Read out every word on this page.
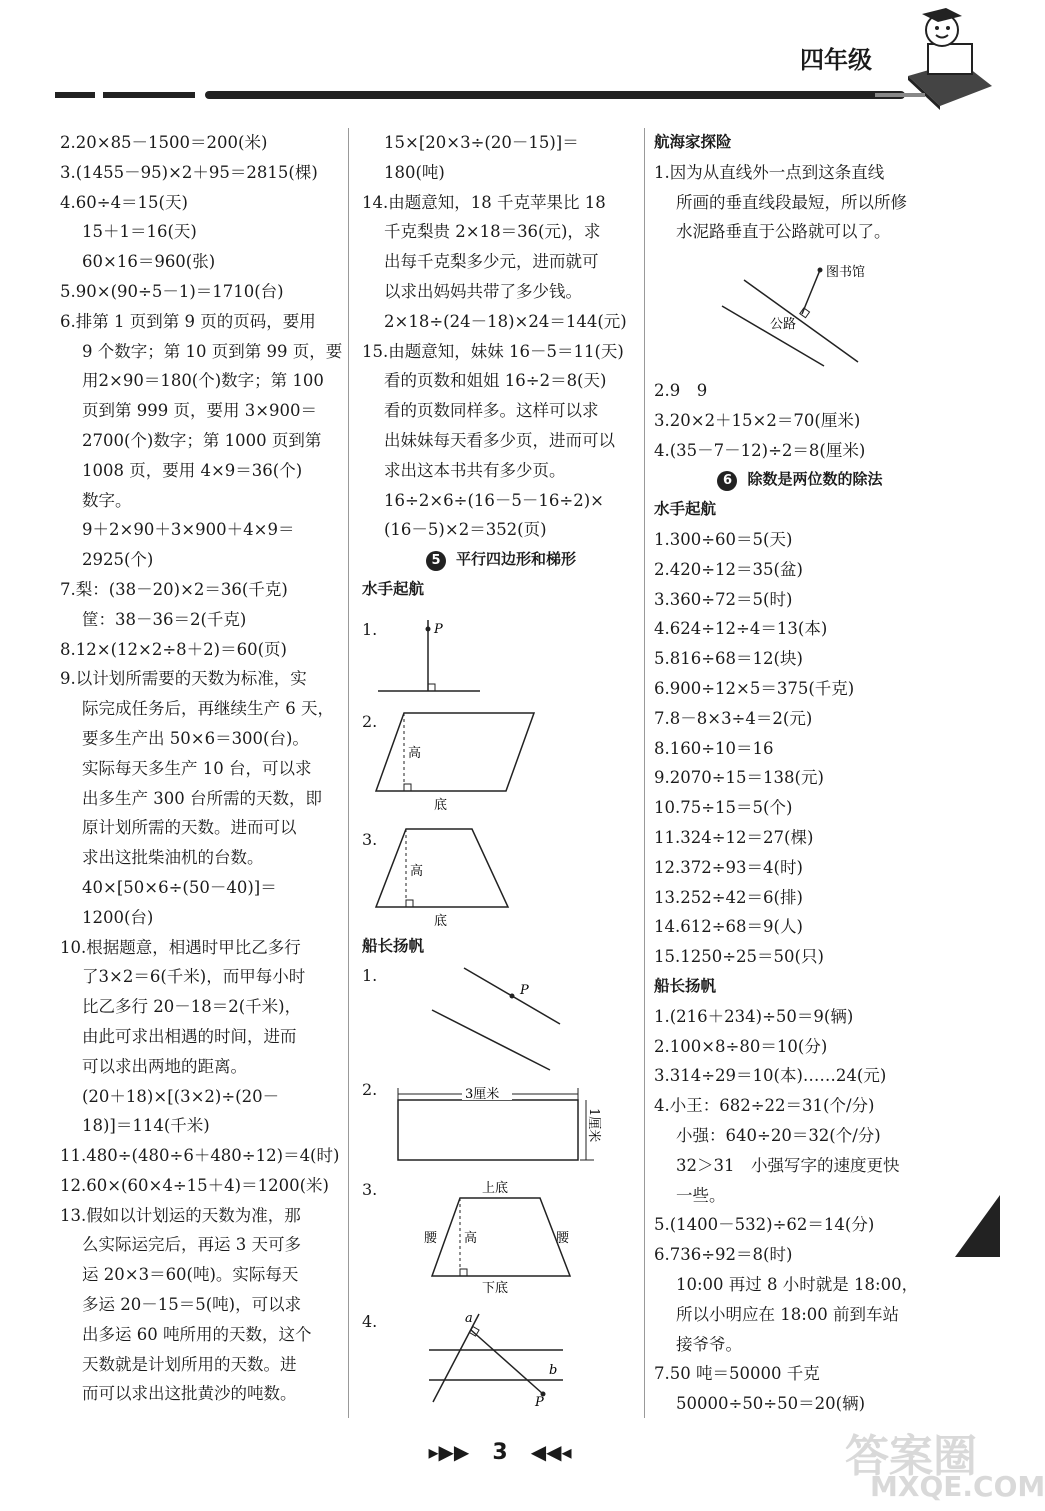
四年级
2.20×85－1500＝200(米)
3.(1455－95)×2＋95＝2815(棵)
4.60÷4＝15(天)
15＋1＝16(天)
60×16＝960(张)
5.90×(90÷5－1)＝1710(台)
6.排第 1 页到第 9 页的页码，要用
9 个数字；第 10 页到第 99 页，要
用2×90＝180(个)数字；第 100
页到第 999 页，要用 3×900＝
2700(个)数字；第 1000 页到第
1008 页，要用 4×9＝36(个)
数字。
9＋2×90＋3×900＋4×9＝
2925(个)
7.梨：(38－20)×2＝36(千克)
筐：38－36＝2(千克)
8.12×(12×2÷8＋2)＝60(页)
9.以计划所需要的天数为标准，实
际完成任务后，再继续生产 6 天，
要多生产出 50×6＝300(台)。
实际每天多生产 10 台，可以求
出多生产 300 台所需的天数，即
原计划所需的天数。进而可以
求出这批柴油机的台数。
40×[50×6÷(50－40)]＝
1200(台)
10.根据题意，相遇时甲比乙多行
了3×2＝6(千米)，而甲每小时
比乙多行 20－18＝2(千米)，
由此可求出相遇的时间，进而
可以求出两地的距离。
(20＋18)×[(3×2)÷(20－
18)]＝114(千米)
11.480÷(480÷6＋480÷12)＝4(时)
12.60×(60×4÷15＋4)＝1200(米)
13.假如以计划运的天数为准，那
么实际运完后，再运 3 天可多
运 20×3＝60(吨)。实际每天
多运 20－15＝5(吨)，可以求
出多运 60 吨所用的天数，这个
天数就是计划所用的天数。进
而可以求出这批黄沙的吨数。
15×[20×3÷(20－15)]＝
180(吨)
14.由题意知，18 千克苹果比 18
千克梨贵 2×18＝36(元)，求
出每千克梨多少元，进而就可
以求出妈妈共带了多少钱。
2×18÷(24－18)×24＝144(元)
15.由题意知，妹妹 16－5＝11(天)
看的页数和姐姐 16÷2＝8(天)
看的页数同样多。这样可以求
出妹妹每天看多少页，进而可以
求出这本书共有多少页。
16÷2×6÷(16－5－16÷2)×
(16－5)×2＝352(页)
5 平行四边形和梯形
水手起航
1.	P
2.
高
底
3.
高
底
船长扬帆
1.
P
2.	3厘米
1厘米
3.	上底
下底
高
腰	腰
4.	a
b
P
航海家探险
1.因为从直线外一点到这条直线
所画的垂直线段最短，所以所修
水泥路垂直于公路就可以了。
图书馆
公路
2.9　9
3.20×2＋15×2＝70(厘米)
4.(35－7－12)÷2＝8(厘米)
6 除数是两位数的除法
水手起航
1.300÷60＝5(天)
2.420÷12＝35(盆)
3.360÷72＝5(时)
4.624÷12÷4＝13(本)
5.816÷68＝12(块)
6.900÷12×5＝375(千克)
7.8－8×3÷4＝2(元)
8.160÷10＝16
9.2070÷15＝138(元)
10.75÷15＝5(个)
11.324÷12＝27(棵)
12.372÷93＝4(时)
13.252÷42＝6(排)
14.612÷68＝9(人)
15.1250÷25＝50(只)
船长扬帆
1.(216＋234)÷50＝9(辆)
2.100×8÷80＝10(分)
3.314÷29＝10(本)……24(元)
4.小王：682÷22＝31(个/分)
小强：640÷20＝32(个/分)
32＞31　小强写字的速度更快
一些。
5.(1400－532)÷62＝14(分)
6.736÷92＝8(时)
10:00 再过 8 小时就是 18:00，
所以小明应在 18:00 前到车站
接爷爷。
7.50 吨＝50000 千克
50000÷50÷50＝20(辆)
▸▶▶ 3 ◀◀◂	答案圈
MXQE.COM
